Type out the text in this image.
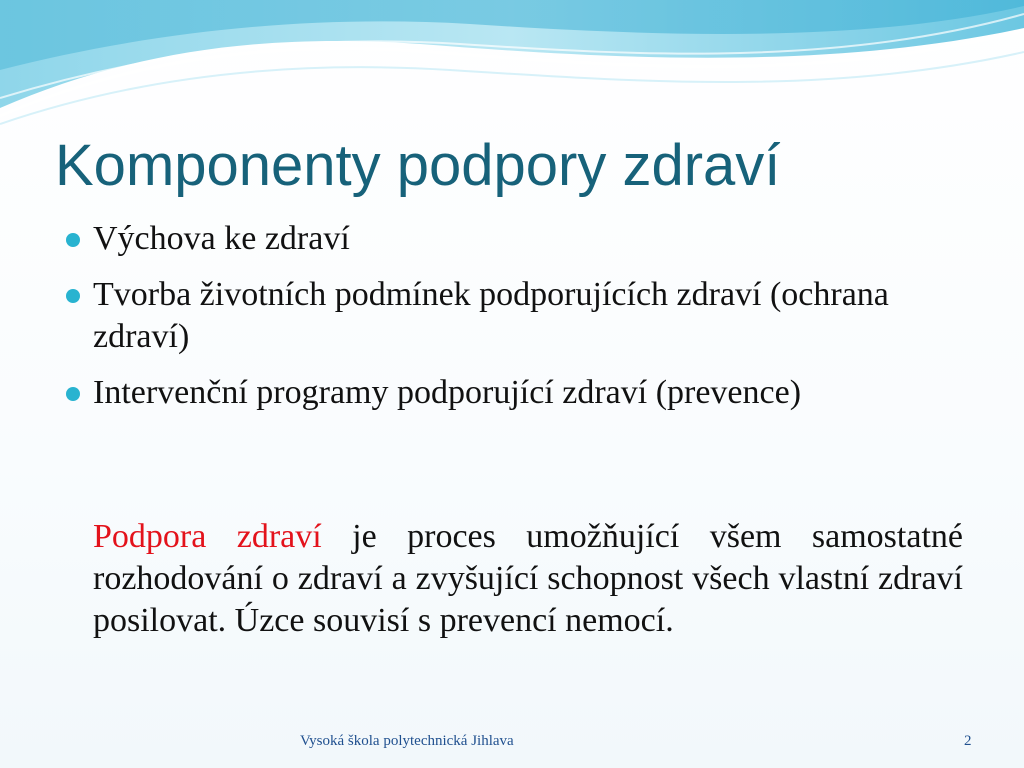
Komponenty podpory zdraví
Výchova ke zdraví
Tvorba životních podmínek podporujících zdraví (ochrana zdraví)
Intervenční programy podporující zdraví (prevence)

Podpora zdraví je proces umožňující všem samostatné rozhodování o zdraví a zvyšující schopnost všech vlastní zdraví posilovat. Úzce souvisí s prevencí nemocí.

Vysoká škola polytechnická Jihlava	2
